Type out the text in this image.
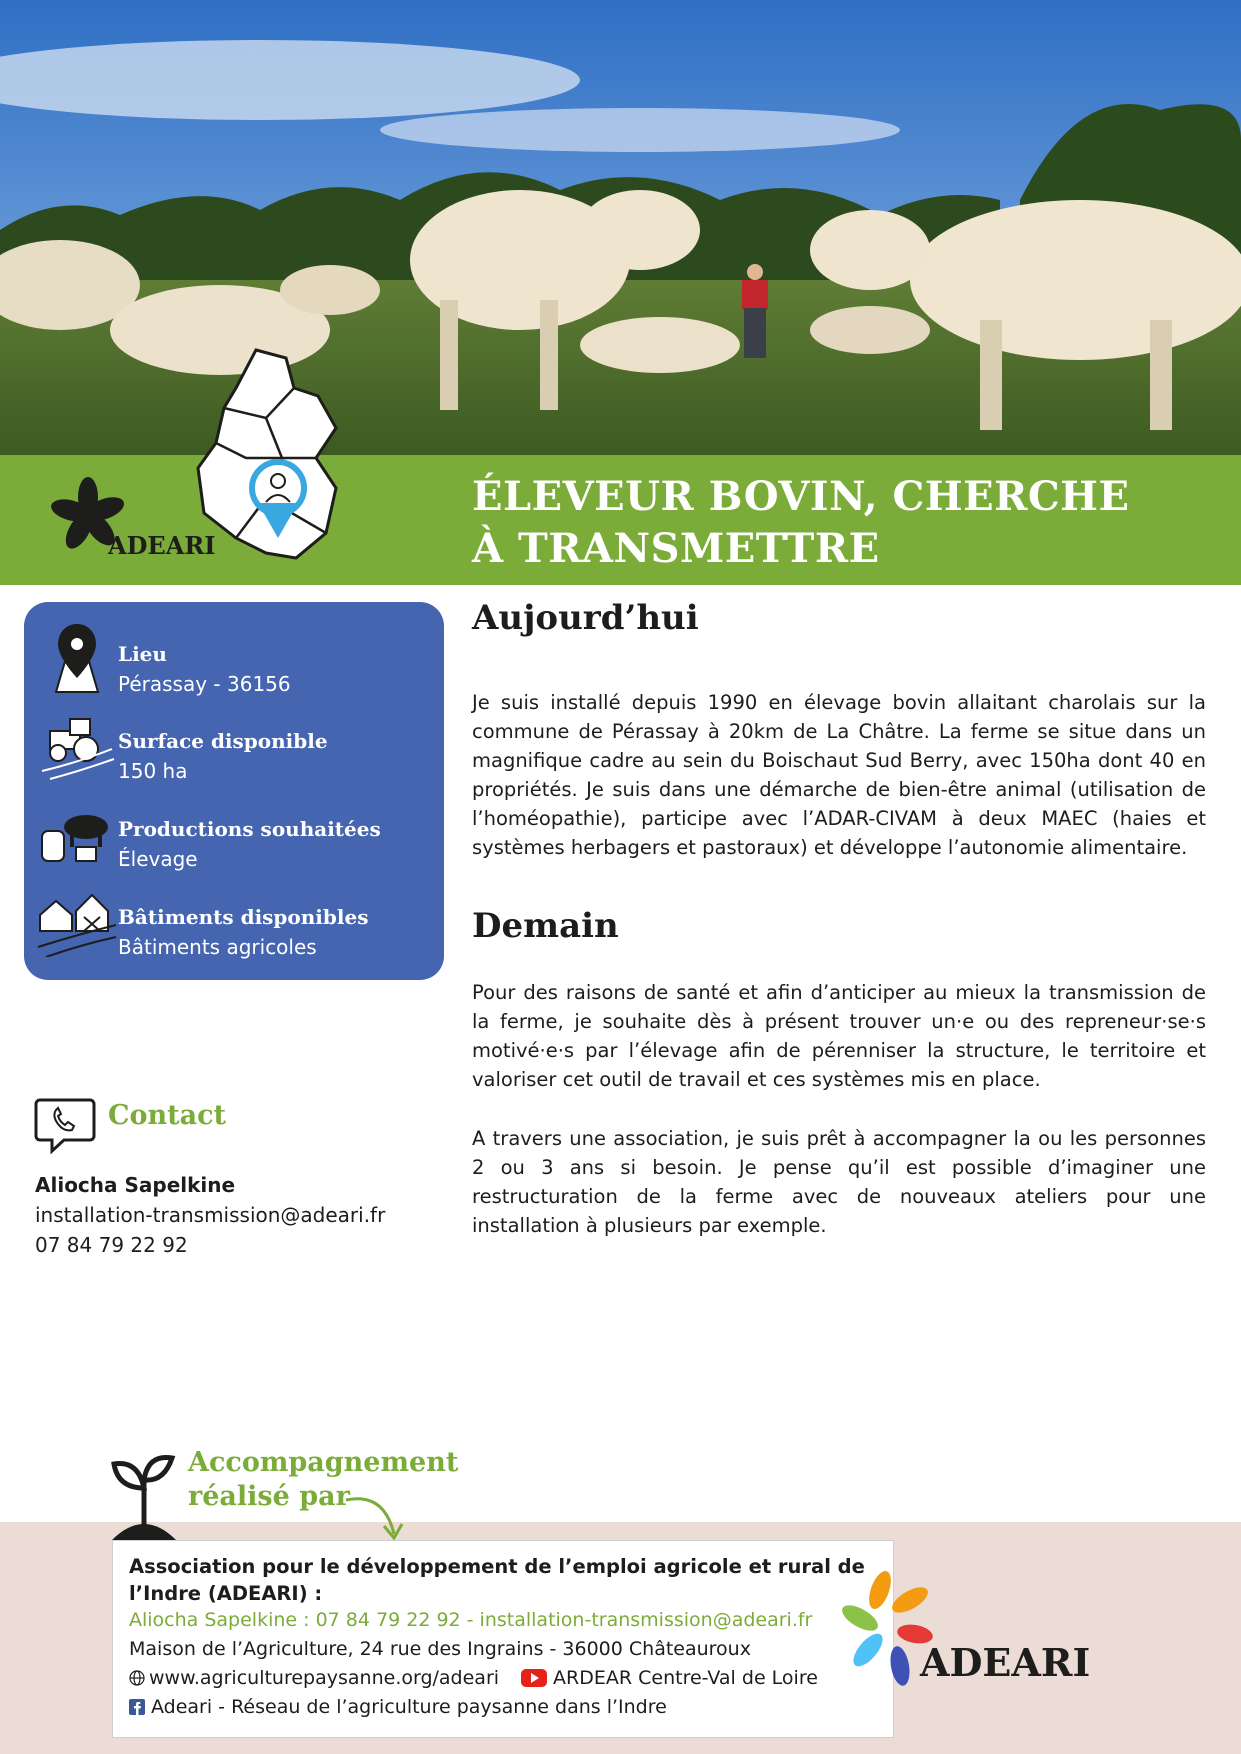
ADEARI
ÉLEVEUR BOVIN, CHERCHE
À TRANSMETTRE
Lieu
Pérassay - 36156
Surface disponible
150 ha
Productions souhaitées
Élevage
Bâtiments disponibles
Bâtiments agricoles
Contact
Aliocha Sapelkine
installation-transmission@adeari.fr
07 84 79 22 92
Aujourd’hui
Je suis installé depuis 1990 en élevage bovin allaitant charolais sur la commune de Pérassay à 20km de La Châtre. La ferme se situe dans un magnifique cadre au sein du Boischaut Sud Berry, avec 150ha dont 40 en propriétés. Je suis dans une démarche de bien-être animal (utilisation de l’homéopathie), participe avec l’ADAR-CIVAM à deux MAEC (haies et systèmes herbagers et pastoraux) et développe l’autonomie alimentaire.
Demain
Pour des raisons de santé et afin d’anticiper au mieux la transmission de la ferme, je souhaite dès à présent trouver un·e ou des repreneur·se·s motivé·e·s par l’élevage afin de pérenniser la structure, le territoire et valoriser cet outil de travail et ces systèmes mis en place.
A travers une association, je suis prêt à accompagner la ou les personnes 2 ou 3 ans si besoin. Je pense qu’il est possible d’imaginer une restructuration de la ferme avec de nouveaux ateliers pour une installation à plusieurs par exemple.
Accompagnement
réalisé par
Association pour le développement de l’emploi agricole et rural de l’Indre (ADEARI) :
Aliocha Sapelkine : 07 84 79 22 92 - installation-transmission@adeari.fr
Maison de l’Agriculture, 24 rue des Ingrains - 36000 Châteauroux
www.agriculturepaysanne.org/adeari	ARDEAR Centre-Val de Loire
Adeari - Réseau de l’agriculture paysanne dans l’Indre
ADEARI
